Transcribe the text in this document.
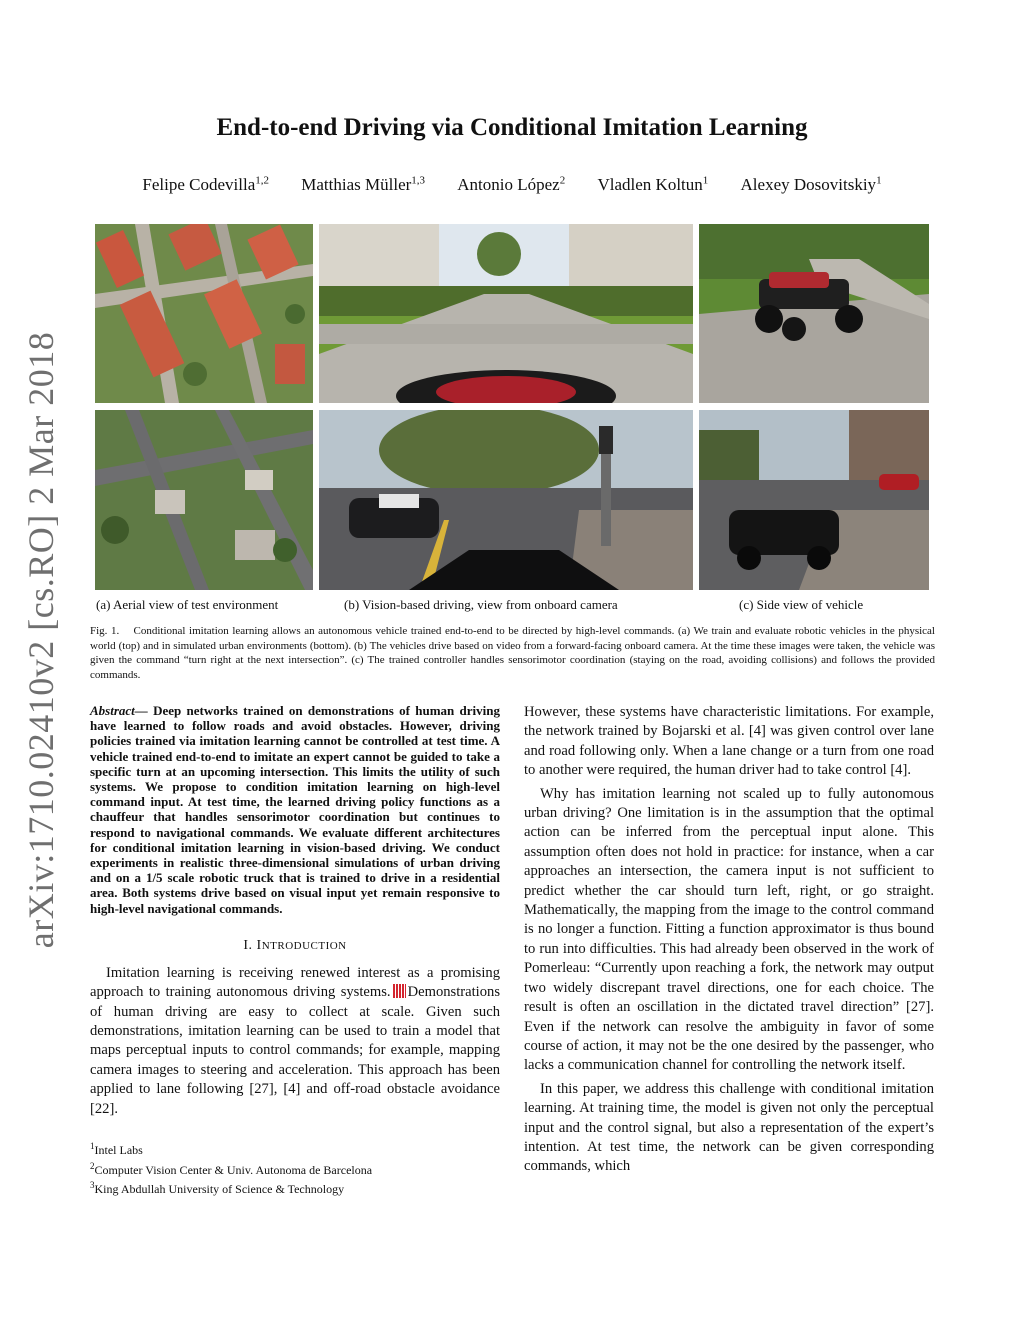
arXiv:1710.02410v2 [cs.RO] 2 Mar 2018
End-to-end Driving via Conditional Imitation Learning
Felipe Codevilla$^{1,2}$ Matthias Müller$^{1,3}$ Antonio López$^2$ Vladlen Koltun$^1$ Alexey Dosovitskiy$^1$
(a) Aerial view of test environment	(b) Vision-based driving, view from onboard camera	(c) Side view of vehicle
Fig. 1. Conditional imitation learning allows an autonomous vehicle trained end-to-end to be directed by high-level commands. (a) We train and evaluate robotic vehicles in the physical world (top) and in simulated urban environments (bottom). (b) The vehicles drive based on video from a forward-facing onboard camera. At the time these images were taken, the vehicle was given the command “turn right at the next intersection”. (c) The trained controller handles sensorimotor coordination (staying on the road, avoiding collisions) and follows the provided commands.

Abstract— Deep networks trained on demonstrations of human driving have learned to follow roads and avoid obstacles. However, driving policies trained via imitation learning cannot be controlled at test time. A vehicle trained end-to-end to imitate an expert cannot be guided to take a specific turn at an upcoming intersection. This limits the utility of such systems. We propose to condition imitation learning on high-level command input. At test time, the learned driving policy functions as a chauffeur that handles sensorimotor coordination but continues to respond to navigational commands. We evaluate different architectures for conditional imitation learning in vision-based driving. We conduct experiments in realistic three-dimensional simulations of urban driving and on a 1/5 scale robotic truck that is trained to drive in a residential area. Both systems drive based on visual input yet remain responsive to high-level navigational commands.

I. INTRODUCTION

Imitation learning is receiving renewed interest as a promising approach to training autonomous driving systems. Demonstrations of human driving are easy to collect at scale. Given such demonstrations, imitation learning can be used to train a model that maps perceptual inputs to control commands; for example, mapping camera images to steering and acceleration. This approach has been applied to lane following [27], [4] and off-road obstacle avoidance [22].

$^1$Intel Labs
$^2$Computer Vision Center & Univ. Autonoma de Barcelona
$^3$King Abdullah University of Science & Technology

However, these systems have characteristic limitations. For example, the network trained by Bojarski et al. [4] was given control over lane and road following only. When a lane change or a turn from one road to another were required, the human driver had to take control [4].

Why has imitation learning not scaled up to fully autonomous urban driving? One limitation is in the assumption that the optimal action can be inferred from the perceptual input alone. This assumption often does not hold in practice: for instance, when a car approaches an intersection, the camera input is not sufficient to predict whether the car should turn left, right, or go straight. Mathematically, the mapping from the image to the control command is no longer a function. Fitting a function approximator is thus bound to run into difficulties. This had already been observed in the work of Pomerleau: “Currently upon reaching a fork, the network may output two widely discrepant travel directions, one for each choice. The result is often an oscillation in the dictated travel direction” [27]. Even if the network can resolve the ambiguity in favor of some course of action, it may not be the one desired by the passenger, who lacks a communication channel for controlling the network itself.

In this paper, we address this challenge with conditional imitation learning. At training time, the model is given not only the perceptual input and the control signal, but also a representation of the expert’s intention. At test time, the network can be given corresponding commands, which
